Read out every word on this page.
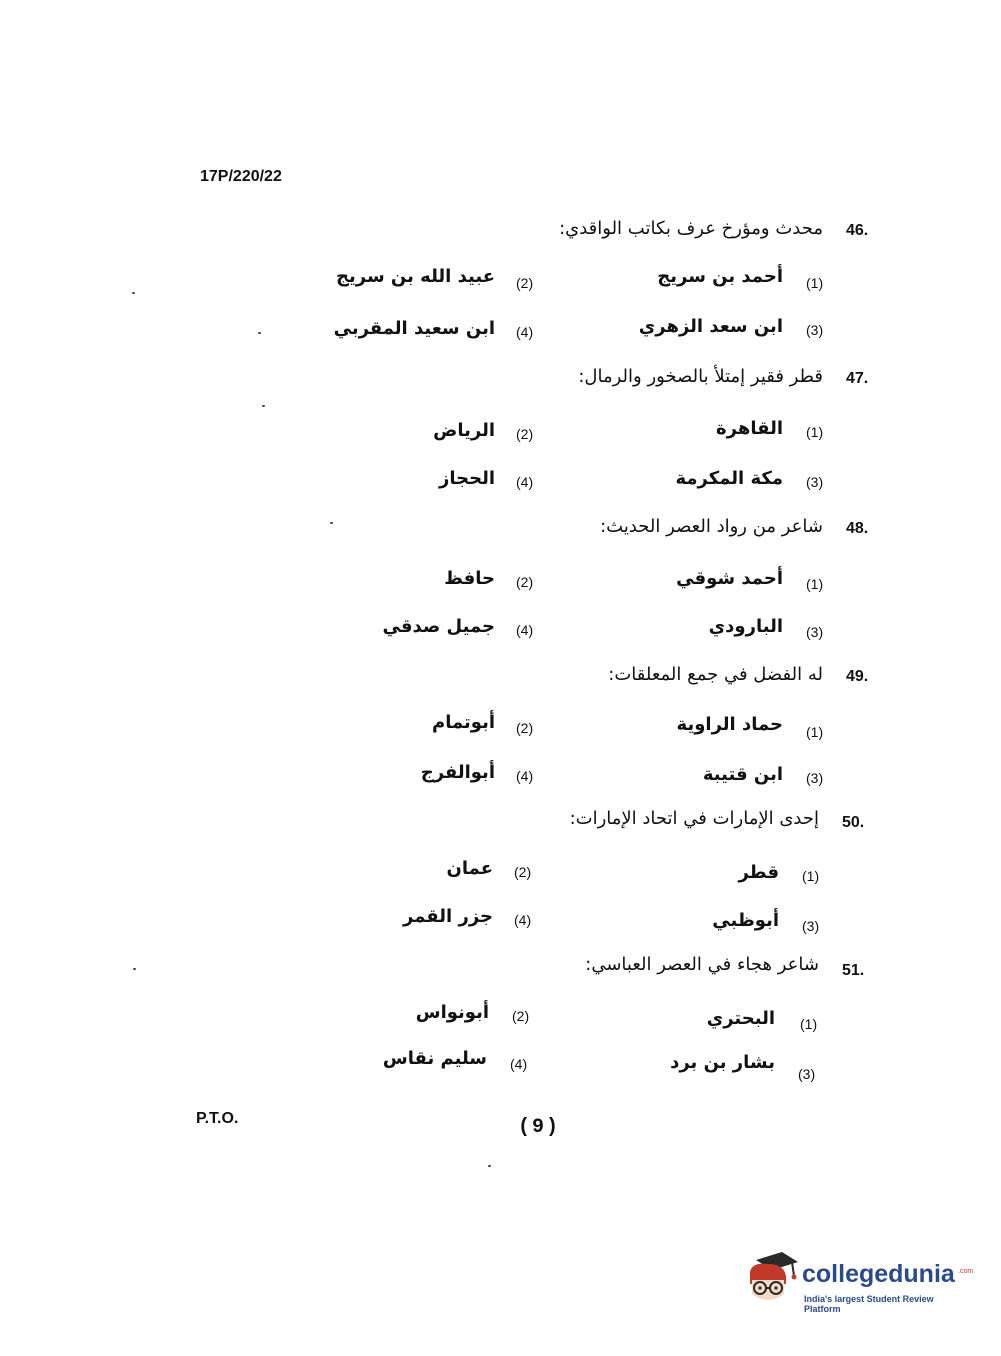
17P/220/22
46.
محدث ومؤرخ عرف بكاتب الواقدي:
(1)
أحمد بن سريج
(2)
عبيد الله بن سريج
(3)
ابن سعد الزهري
(4)
ابن سعيد المقربي
47.
قطر فقير إمتلأ بالصخور والرمال:
(1)
القاهرة
(2)
الرياض
(3)
مكة المكرمة
(4)
الحجاز
48.
شاعر من رواد العصر الحديث:
(1)
أحمد شوقي
(2)
حافظ
(3)
البارودي
(4)
جميل صدقي
49.
له الفضل في جمع المعلقات:
(1)
حماد الراوية
(2)
أبوتمام
(3)
ابن قتيبة
(4)
أبوالفرج
50.
إحدى الإمارات في اتحاد الإمارات:
(1)
قطر
(2)
عمان
(3)
أبوظبي
(4)
جزر القمر
51.
شاعر هجاء في العصر العباسي:
(1)
البحتري
(2)
أبونواس
(3)
بشار بن برد
(4)
سليم نقاس
P.T.O.	(9)
collegedunia .com
India's largest Student Review Platform
